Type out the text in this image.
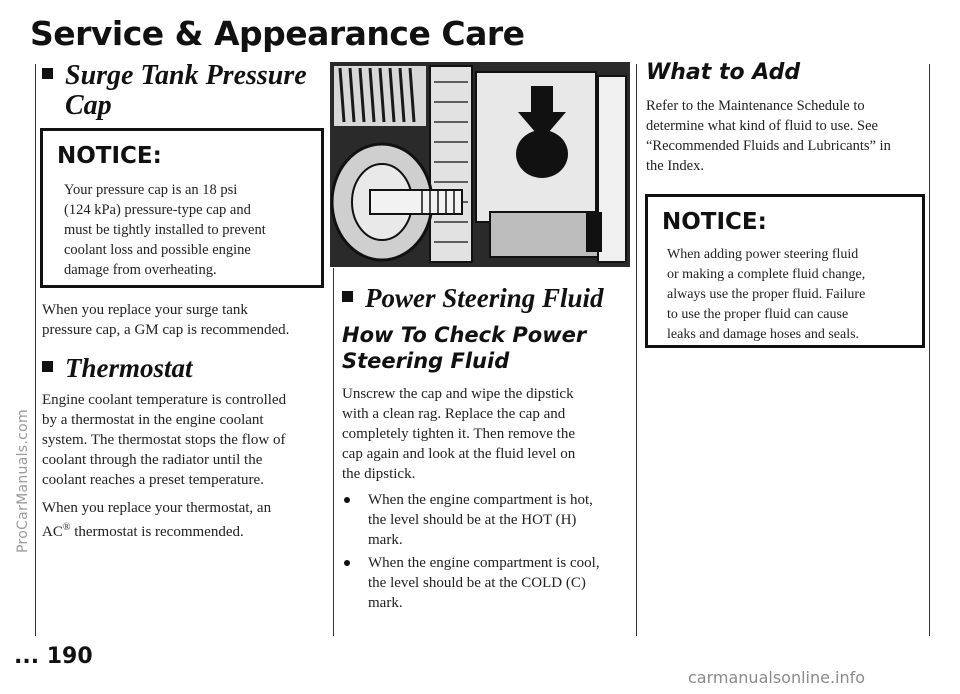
Service & Appearance Care
Surge Tank Pressure
Cap
NOTICE:
Your pressure cap is an 18 psi
(124 kPa) pressure-type cap and
must be tightly installed to prevent
coolant loss and possible engine
damage from overheating.
When you replace your surge tank
pressure cap, a GM cap is recommended.
Thermostat
Engine coolant temperature is controlled
by a thermostat in the engine coolant
system. The thermostat stops the flow of
coolant through the radiator until the
coolant reaches a preset temperature.
When you replace your thermostat, an
AC® thermostat is recommended.
Power Steering Fluid
How To Check Power
Steering Fluid
Unscrew the cap and wipe the dipstick
with a clean rag. Replace the cap and
completely tighten it. Then remove the
cap again and look at the fluid level on
the dipstick.
When the engine compartment is hot,
the level should be at the HOT (H)
mark.
When the engine compartment is cool,
the level should be at the COLD (C)
mark.
What to Add
Refer to the Maintenance Schedule to
determine what kind of fluid to use. See
“Recommended Fluids and Lubricants” in
the Index.
NOTICE:
When adding power steering fluid
or making a complete fluid change,
always use the proper fluid. Failure
to use the proper fluid can cause
leaks and damage hoses and seals.
... 190
ProCarManuals.com
carmanualsonline.info
